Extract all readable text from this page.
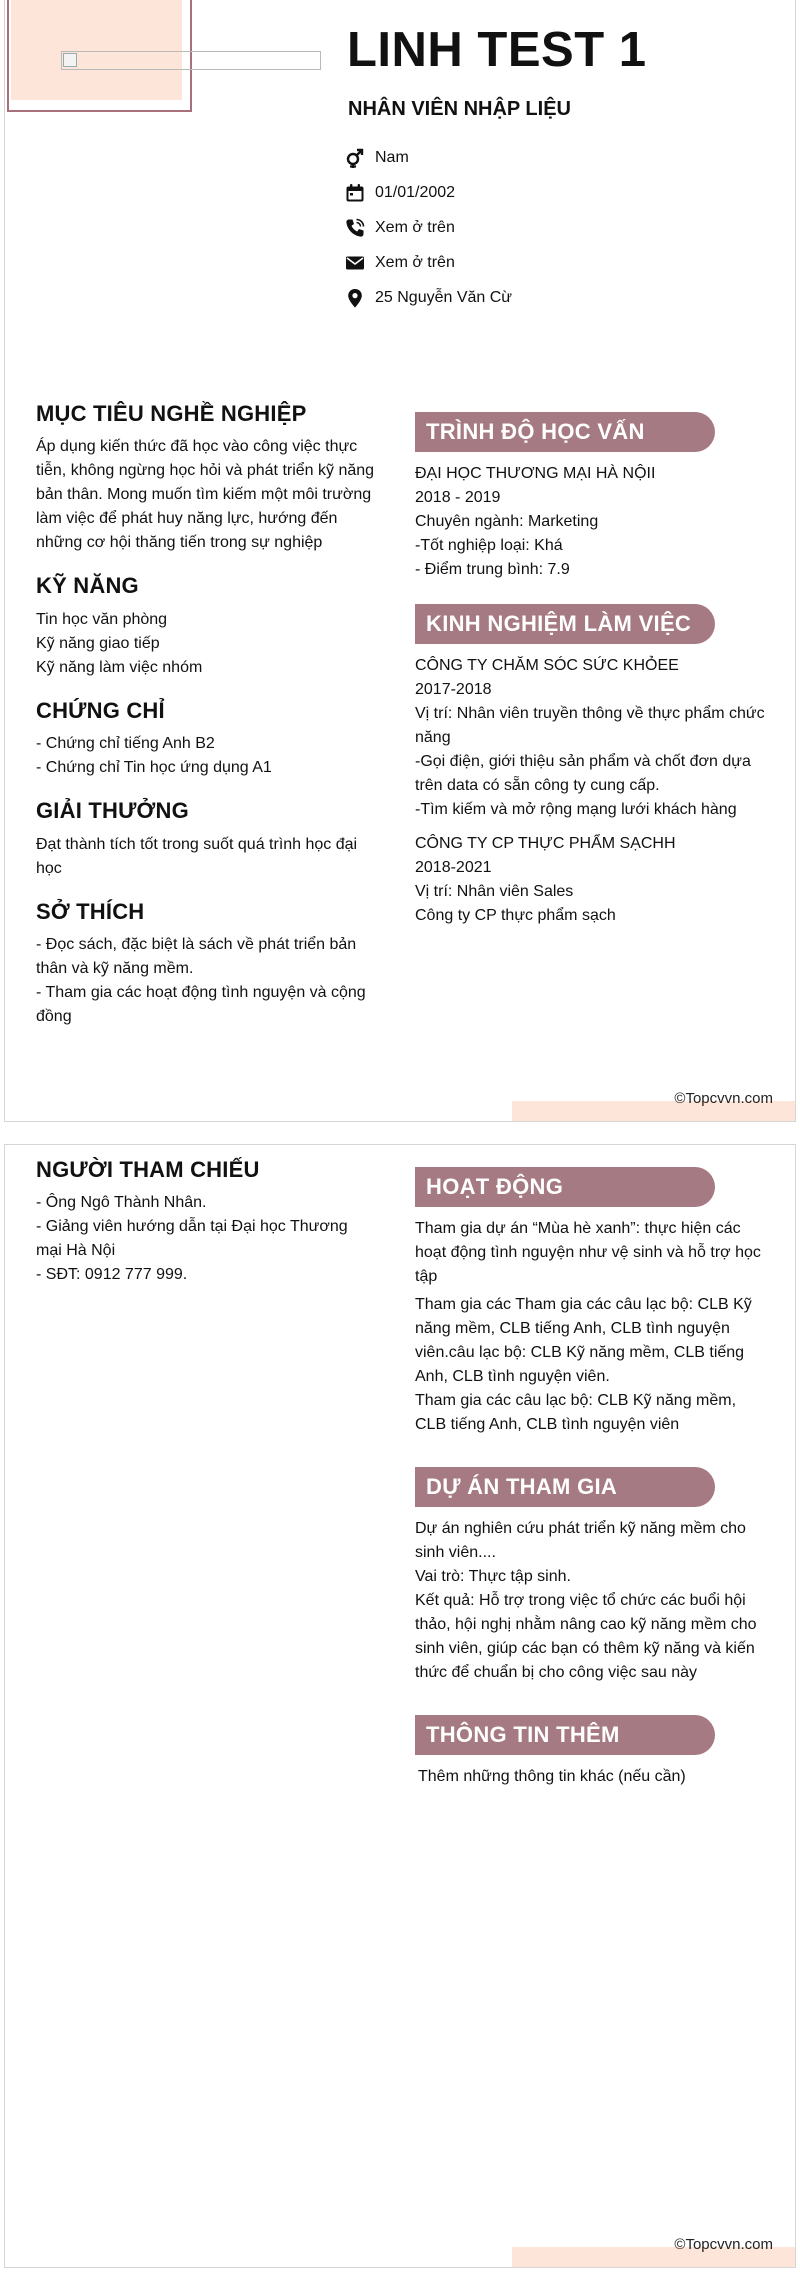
LINH TEST 1
NHÂN VIÊN NHẬP LIỆU
Nam
01/01/2002
Xem ở trên
Xem ở trên
25 Nguyễn Văn Cừ
MỤC TIÊU NGHỀ NGHIỆP

Áp dụng kiến thức đã học vào công việc thực tiễn, không ngừng học hỏi và phát triển kỹ năng bản thân. Mong muốn tìm kiếm một môi trường làm việc để phát huy năng lực, hướng đến những cơ hội thăng tiến trong sự nghiệp

KỸ NĂNG
Tin học văn phòng
Kỹ năng giao tiếp
Kỹ năng làm việc nhóm
CHỨNG CHỈ
- Chứng chỉ tiếng Anh B2
- Chứng chỉ Tin học ứng dụng A1
GIẢI THƯỞNG

Đạt thành tích tốt trong suốt quá trình học đại học

SỞ THÍCH
- Đọc sách, đặc biệt là sách về phát triển bản thân và kỹ năng mềm.
- Tham gia các hoạt động tình nguyện và cộng đồng
TRÌNH ĐỘ HỌC VẤN
ĐẠI HỌC THƯƠNG MẠI HÀ NỘII
2018 - 2019
Chuyên ngành: Marketing
-Tốt nghiệp loại: Khá
- Điểm trung bình: 7.9
KINH NGHIỆM LÀM VIỆC
CÔNG TY CHĂM SÓC SỨC KHỎEE
2017-2018
Vị trí: Nhân viên truyền thông về thực phẩm chức năng
-Gọi điện, giới thiệu sản phẩm và chốt đơn dựa trên data có sẵn công ty cung cấp.
-Tìm kiếm và mở rộng mạng lưới khách hàng
CÔNG TY CP THỰC PHẨM SẠCHH
2018-2021
Vị trí: Nhân viên Sales
Công ty CP thực phẩm sạch
©Topcvvn.com
NGƯỜI THAM CHIẾU
- Ông Ngô Thành Nhân.
- Giảng viên hướng dẫn tại Đại học Thương mại Hà Nội
- SĐT: 0912 777 999.
HOẠT ĐỘNG
Tham gia dự án “Mùa hè xanh”: thực hiện các hoạt động tình nguyện như vệ sinh và hỗ trợ học tập
Tham gia các Tham gia các câu lạc bộ: CLB Kỹ năng mềm, CLB tiếng Anh, CLB tình nguyện viên.câu lạc bộ: CLB Kỹ năng mềm, CLB tiếng Anh, CLB tình nguyện viên.
Tham gia các câu lạc bộ: CLB Kỹ năng mềm, CLB tiếng Anh, CLB tình nguyện viên
DỰ ÁN THAM GIA
Dự án nghiên cứu phát triển kỹ năng mềm cho sinh viên....
Vai trò: Thực tập sinh.
Kết quả: Hỗ trợ trong việc tổ chức các buổi hội thảo, hội nghị nhằm nâng cao kỹ năng mềm cho sinh viên, giúp các bạn có thêm kỹ năng và kiến thức để chuẩn bị cho công việc sau này
THÔNG TIN THÊM
Thêm những thông tin khác (nếu cần)
©Topcvvn.com
